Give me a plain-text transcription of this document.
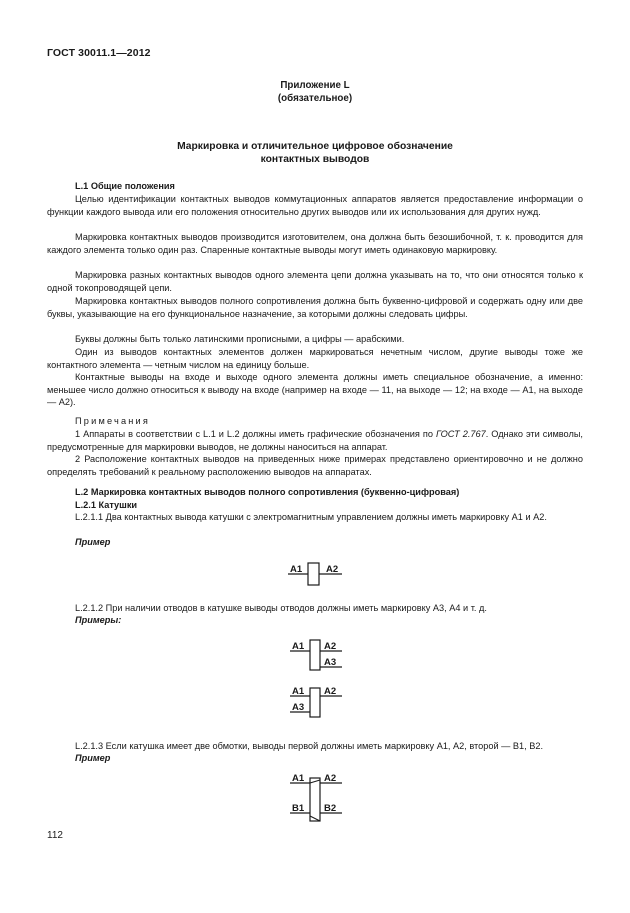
ГОСТ 30011.1—2012
Приложение L
(обязательное)
Маркировка и отличительное цифровое обозначение
контактных выводов
L.1 Общие положения
Целью идентификации контактных выводов коммутационных аппаратов является предоставление информации о функции каждого вывода или его положения относительно других выводов или их использования для других нужд.
Маркировка контактных выводов производится изготовителем, она должна быть безошибочной, т. к. проводится для каждого элемента только один раз. Спаренные контактные выводы могут иметь одинаковую маркировку.
Маркировка разных контактных выводов одного элемента цепи должна указывать на то, что они относятся только к одной токопроводящей цепи.
Маркировка контактных выводов полного сопротивления должна быть буквенно-цифровой и содержать одну или две буквы, указывающие на его функциональное назначение, за которыми должны следовать цифры.
Буквы должны быть только латинскими прописными, а цифры — арабскими.
Один из выводов контактных элементов должен маркироваться нечетным числом, другие выводы тоже же контактного элемента — четным числом на единицу больше.
Контактные выводы на входе и выходе одного элемента должны иметь специальное обозначение, а именно: меньшее число должно относиться к выводу на входе (например на входе — 11, на выходе — 12; на входе — А1, на выходе — А2).
Примечания
1 Аппараты в соответствии с L.1 и L.2 должны иметь графические обозначения по ГОСТ 2.767. Однако эти символы, предусмотренные для маркировки выводов, не должны наноситься на аппарат.
2 Расположение контактных выводов на приведенных ниже примерах представлено ориентировочно и не должно определять требований к реальному расположению выводов на аппаратах.
L.2 Маркировка контактных выводов полного сопротивления (буквенно-цифровая)
L.2.1 Катушки
L.2.1.1 Два контактных вывода катушки с электромагнитным управлением должны иметь маркировку А1 и А2.
Пример
A1	A2
L.2.1.2 При наличии отводов в катушке выводы отводов должны иметь маркировку А3, А4 и т. д.
Примеры:
A1 A2
A3
A1 A2
A3
L.2.1.3 Если катушка имеет две обмотки, выводы первой должны иметь маркировку А1, А2, второй — В1, В2.
Пример
A1 A2
B1 B2
112
